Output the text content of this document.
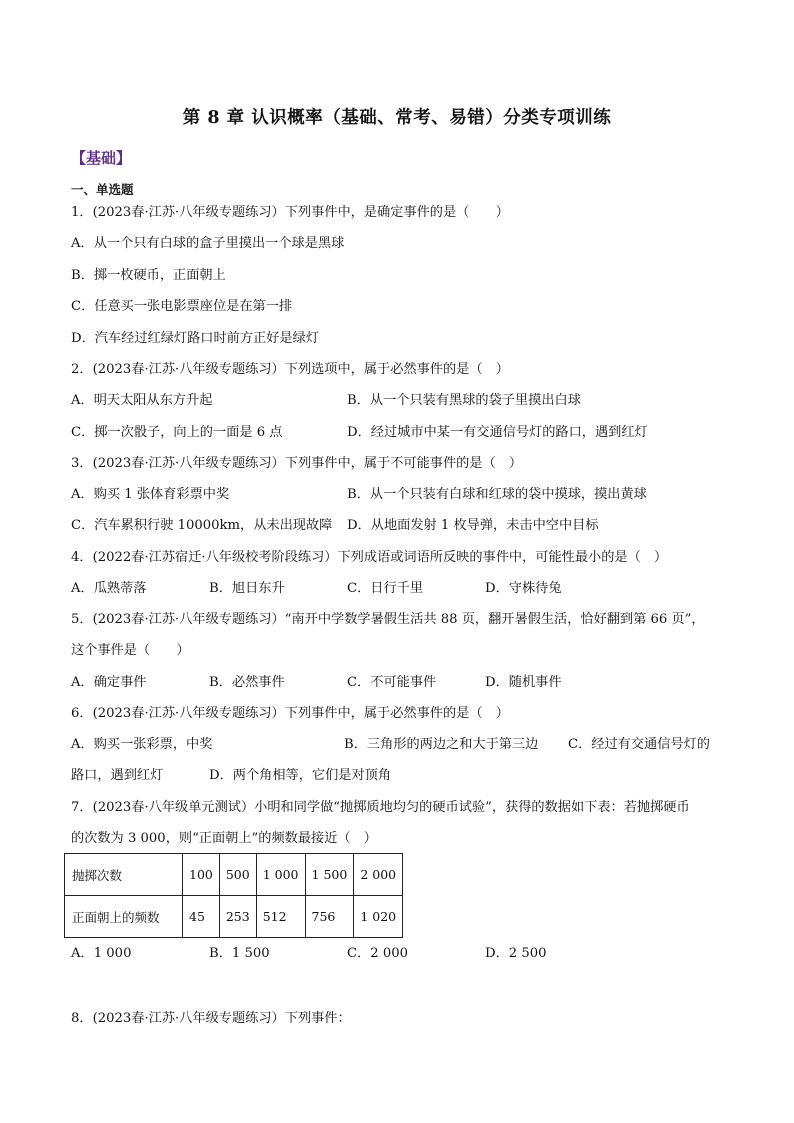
第 8 章 认识概率（基础、常考、易错）分类专项训练
【基础】
一、单选题
1．(2023春·江苏·八年级专题练习）下列事件中，是确定事件的是（　　）
A．从一个只有白球的盒子里摸出一个球是黑球
B．掷一枚硬币，正面朝上
C．任意买一张电影票座位是在第一排
D．汽车经过红绿灯路口时前方正好是绿灯
2．(2023春·江苏·八年级专题练习）下列选项中，属于必然事件的是（　）
A．明天太阳从东方升起	B．从一个只装有黑球的袋子里摸出白球
C．掷一次骰子，向上的一面是 6 点	D．经过城市中某一有交通信号灯的路口，遇到红灯
3．(2023春·江苏·八年级专题练习）下列事件中，属于不可能事件的是（　）
A．购买 1 张体育彩票中奖	B．从一个只装有白球和红球的袋中摸球，摸出黄球
C．汽车累积行驶 10000km，从未出现故障 D．从地面发射 1 枚导弹，未击中空中目标
4．(2022春·江苏宿迁·八年级校考阶段练习）下列成语或词语所反映的事件中，可能性最小的是（　）
A．瓜熟蒂落	B．旭日东升	C．日行千里	D．守株待兔
5．(2023春·江苏·八年级专题练习）“南开中学数学暑假生活共 88 页，翻开暑假生活，恰好翻到第 66 页”，
这个事件是（　　）
A．确定事件	B．必然事件	C．不可能事件	D．随机事件
6．(2023春·江苏·八年级专题练习）下列事件中，属于必然事件的是（　）
A．购买一张彩票，中奖	B．三角形的两边之和大于第三边 C．经过有交通信号灯的
路口，遇到红灯	D．两个角相等，它们是对顶角
7．(2023春·八年级单元测试）小明和同学做“抛掷质地均匀的硬币试验”，获得的数据如下表：若抛掷硬币
的次数为 3 000，则“正面朝上”的频数最接近（　）
抛掷次数	100	500	1 000	1 500	2 000
正面朝上的频数	45	253	512	756	1 020
A．1 000	B．1 500	C．2 000	D．2 500
8．(2023春·江苏·八年级专题练习）下列事件：
